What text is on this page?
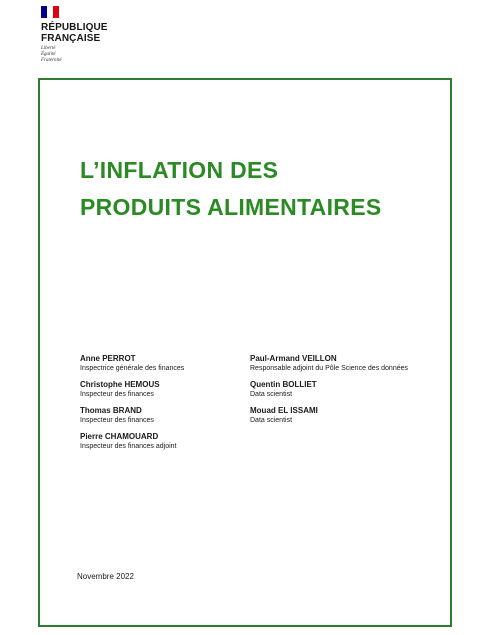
RÉPUBLIQUE
FRANÇAISE
Liberté
Égalité
Fraternité
L’INFLATION DES
PRODUITS ALIMENTAIRES
Anne PERROT
Inspectrice générale des finances
Christophe HEMOUS
Inspecteur des finances
Thomas BRAND
Inspecteur des finances
Pierre CHAMOUARD
Inspecteur des finances adjoint
Paul-Armand VEILLON
Responsable adjoint du Pôle Science des données
Quentin BOLLIET
Data scientist
Mouad EL ISSAMI
Data scientist
Novembre 2022
